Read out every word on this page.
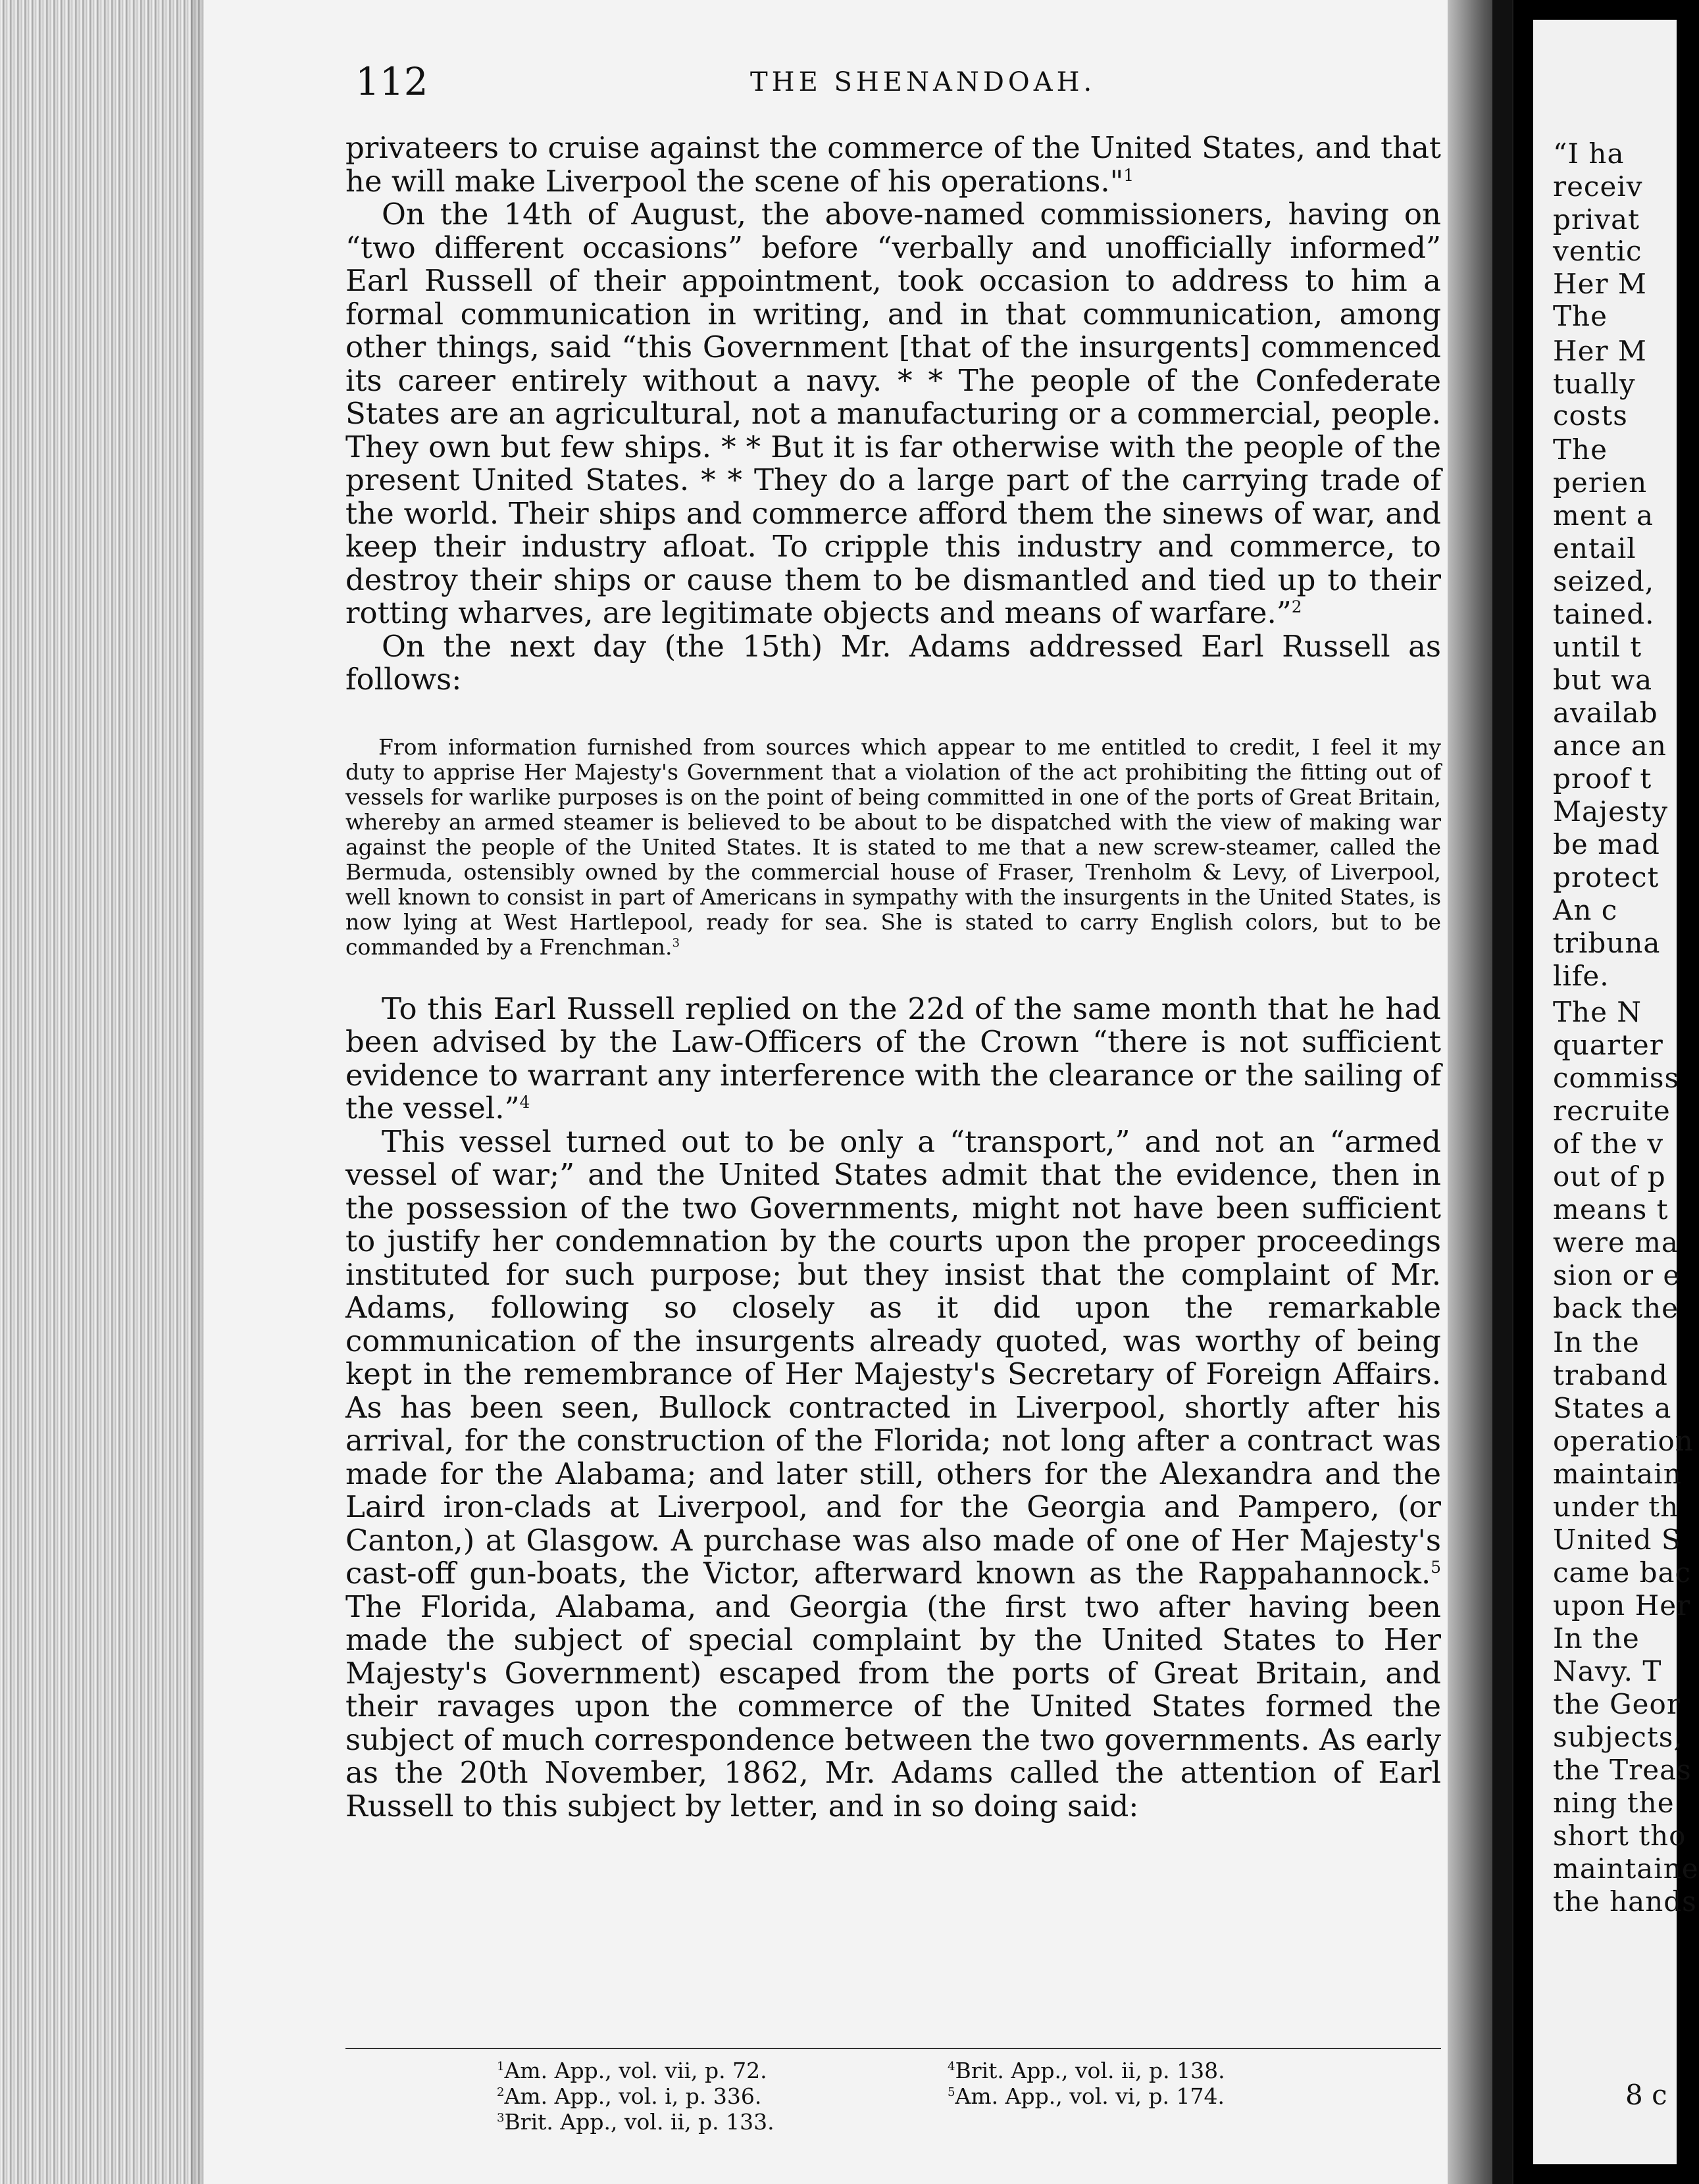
112	THE SHENANDOAH.

privateers to cruise against the commerce of the United States, and that he will make Liverpool the scene of his operations."$^1$

On the 14th of August, the above-named commissioners, having on “two different occasions” before “verbally and unofficially informed” Earl Russell of their appointment, took occasion to address to him a formal communication in writing, and in that communication, among other things, said “this Government [that of the insurgents] commenced its career entirely without a navy. * * The people of the Confederate States are an agricultural, not a manufacturing or a commercial, people. They own but few ships. * * But it is far otherwise with the people of the present United States. * * They do a large part of the carrying trade of the world. Their ships and commerce afford them the sinews of war, and keep their industry afloat. To cripple this industry and commerce, to destroy their ships or cause them to be dismantled and tied up to their rotting wharves, are legitimate objects and means of warfare.”$^2$

On the next day (the 15th) Mr. Adams addressed Earl Russell as follows:

From information furnished from sources which appear to me entitled to credit, I feel it my duty to apprise Her Majesty's Government that a violation of the act prohibiting the fitting out of vessels for warlike purposes is on the point of being committed in one of the ports of Great Britain, whereby an armed steamer is believed to be about to be dispatched with the view of making war against the people of the United States. It is stated to me that a new screw-steamer, called the Bermuda, ostensibly owned by the commercial house of Fraser, Trenholm & Levy, of Liverpool, well known to consist in part of Americans in sympathy with the insurgents in the United States, is now lying at West Hartlepool, ready for sea. She is stated to carry English colors, but to be commanded by a Frenchman.$^3$

To this Earl Russell replied on the 22d of the same month that he had been advised by the Law-Officers of the Crown “there is not sufficient evidence to warrant any interference with the clearance or the sailing of the vessel.”$^4$

This vessel turned out to be only a “transport,” and not an “armed vessel of war;” and the United States admit that the evidence, then in the possession of the two Governments, might not have been sufficient to justify her condemnation by the courts upon the proper proceedings instituted for such purpose; but they insist that the complaint of Mr. Adams, following so closely as it did upon the remarkable communication of the insurgents already quoted, was worthy of being kept in the remembrance of Her Majesty's Secretary of Foreign Affairs. As has been seen, Bullock contracted in Liverpool, shortly after his arrival, for the construction of the Florida; not long after a contract was made for the Alabama; and later still, others for the Alexandra and the Laird iron-clads at Liverpool, and for the Georgia and Pampero, (or Canton,) at Glasgow. A purchase was also made of one of Her Majesty's cast-off gun-boats, the Victor, afterward known as the Rappahannock.$^5$ The Florida, Alabama, and Georgia (the first two after having been made the subject of special complaint by the United States to Her Majesty's Government) escaped from the ports of Great Britain, and their ravages upon the commerce of the United States formed the subject of much correspondence between the two governments. As early as the 20th November, 1862, Mr. Adams called the attention of Earl Russell to this subject by letter, and in so doing said:

$^1$Am. App., vol. vii, p. 72.
$^2$Am. App., vol. i, p. 336.
$^3$Brit. App., vol. ii, p. 133.
$^4$Brit. App., vol. ii, p. 138.
$^5$Am. App., vol. vi, p. 174.
“I ha
receiv
privat
ventic
Her M
The
Her M
tually
costs
The
perien
ment a
entail
seized,
tained.
until t
but wa
availab
ance an
proof t
Majesty
be mad
protect
An c
tribuna
life.
The N
quarter
commiss
recruite
of the v
out of p
means t
were ma
sion or e
back the
In the
traband
States a
operation
maintain
under th
United S
came bac
upon Her
In the
Navy. T
the Geor
subjects,
the Treas
ning the
short tho
maintaine
the hands
8 c
